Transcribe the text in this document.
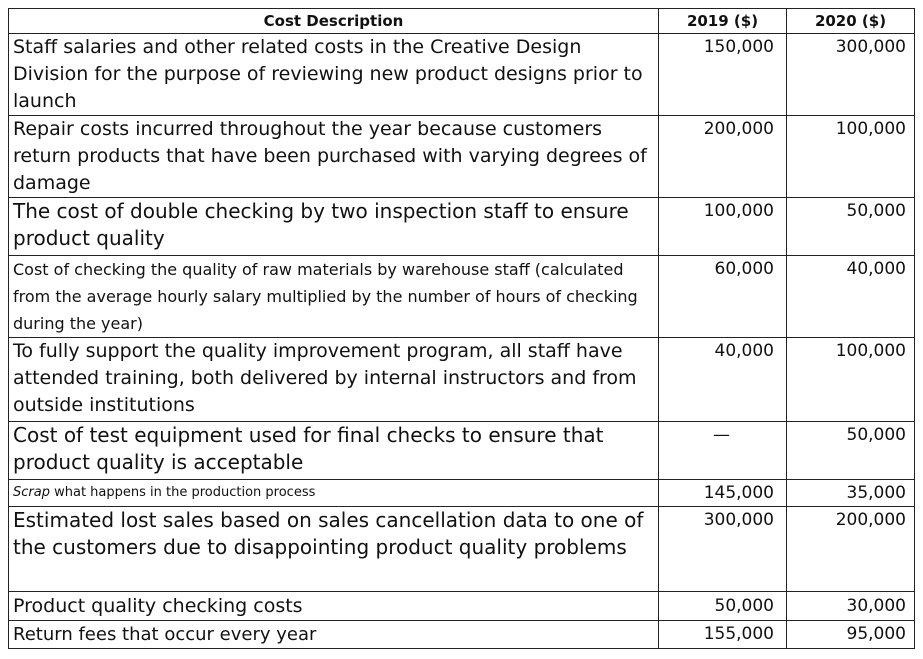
Cost Description	2019 ($)	2020 ($)
Staff salaries and other related costs in the Creative Design Division for the purpose of reviewing new product designs prior to launch	150,000	300,000
Repair costs incurred throughout the year because customers return products that have been purchased with varying degrees of damage	200,000	100,000
The cost of double checking by two inspection staff to ensure product quality	100,000	50,000
Cost of checking the quality of raw materials by warehouse staff (calculated from the average hourly salary multiplied by the number of hours of checking during the year)	60,000	40,000
To fully support the quality improvement program, all staff have attended training, both delivered by internal instructors and from outside institutions	40,000	100,000
Cost of test equipment used for final checks to ensure that product quality is acceptable	—	50,000
Scrap what happens in the production process	145,000	35,000
Estimated lost sales based on sales cancellation data to one of the customers due to disappointing product quality problems	300,000	200,000
Product quality checking costs	50,000	30,000
Return fees that occur every year	155,000	95,000
